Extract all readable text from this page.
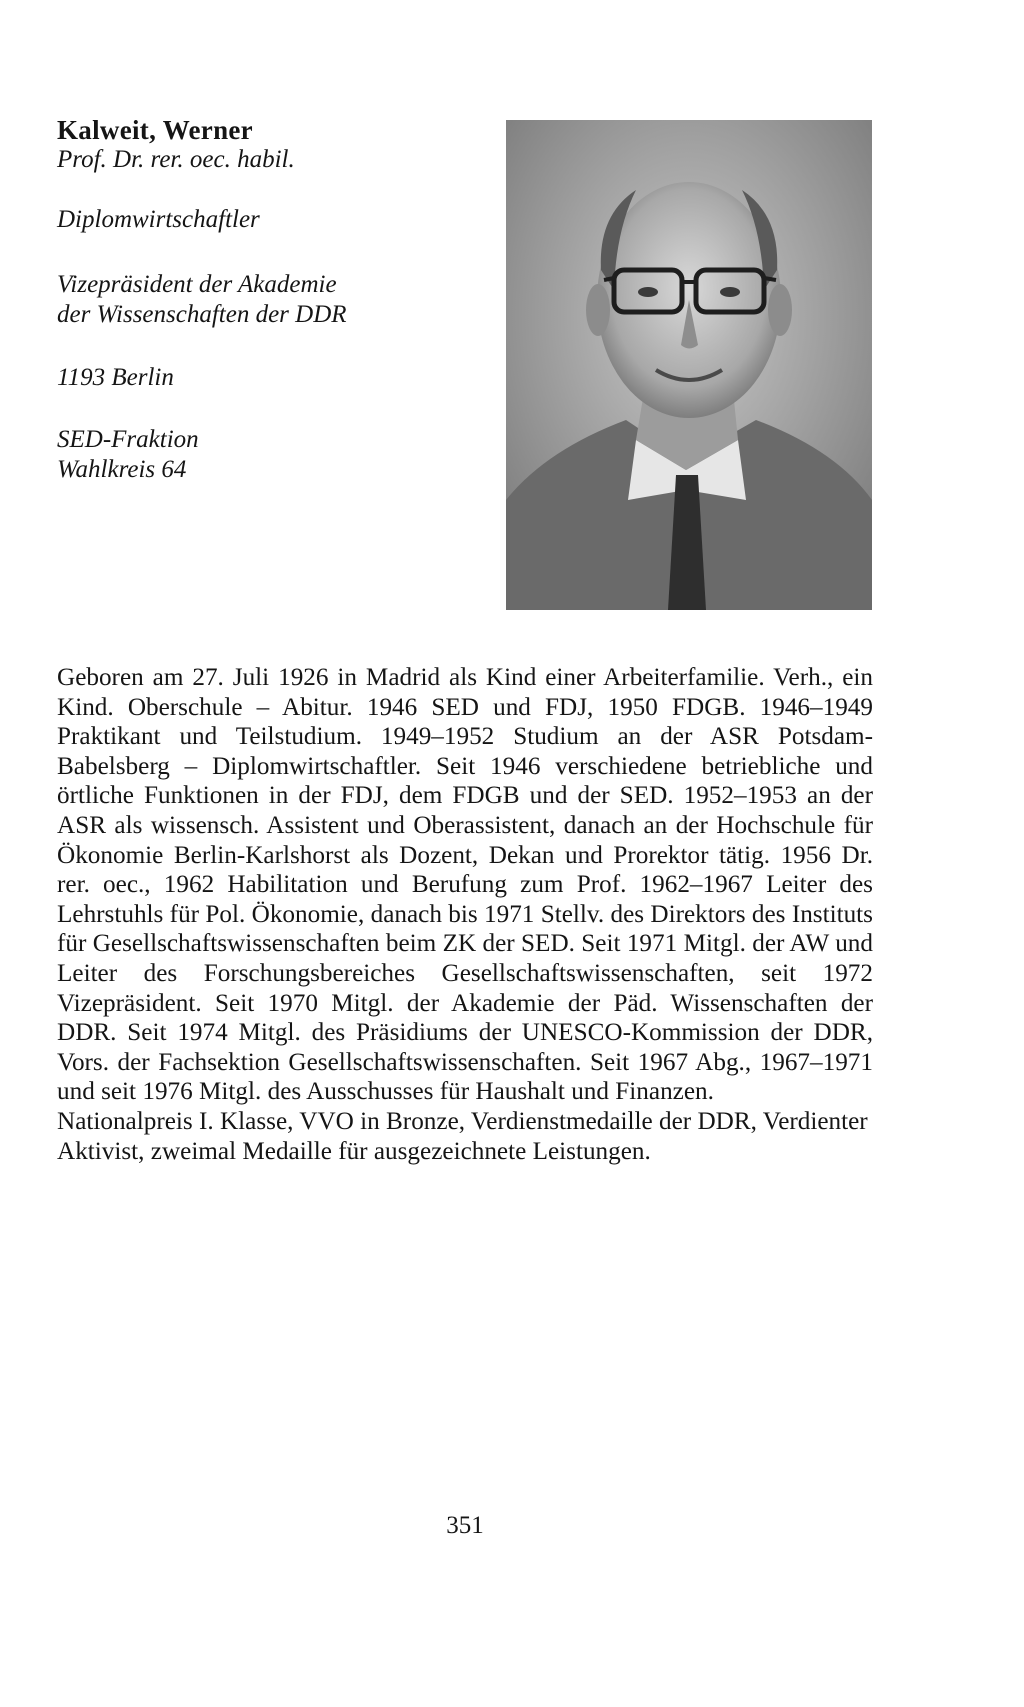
Kalweit, Werner

Prof. Dr. rer. oec. habil.

Diplomwirtschaftler

Vizepräsident der Akademie

der Wissenschaften der DDR

1193 Berlin

SED-Fraktion

Wahlkreis 64

Geboren am 27. Juli 1926 in Madrid als Kind einer Arbeiterfamilie. Verh., ein Kind. Oberschule – Abitur. 1946 SED und FDJ, 1950 FDGB. 1946–1949 Praktikant und Teilstudium. 1949–1952 Studium an der ASR Potsdam-Babelsberg – Diplomwirtschaftler. Seit 1946 verschiedene betriebliche und örtliche Funktionen in der FDJ, dem FDGB und der SED. 1952–1953 an der ASR als wissensch. Assistent und Oberassistent, danach an der Hochschule für Ökonomie Berlin-Karlshorst als Dozent, Dekan und Prorektor tätig. 1956 Dr. rer. oec., 1962 Habilitation und Berufung zum Prof. 1962–1967 Leiter des Lehrstuhls für Pol. Ökonomie, danach bis 1971 Stellv. des Direktors des Instituts für Gesellschaftswissenschaften beim ZK der SED. Seit 1971 Mitgl. der AW und Leiter des Forschungsbereiches Gesellschaftswissenschaften, seit 1972 Vizepräsident. Seit 1970 Mitgl. der Akademie der Päd. Wissenschaften der DDR. Seit 1974 Mitgl. des Präsidiums der UNESCO-Kommission der DDR, Vors. der Fachsektion Gesellschaftswissenschaften. Seit 1967 Abg., 1967–1971 und seit 1976 Mitgl. des Ausschusses für Haushalt und Finanzen.

Nationalpreis I. Klasse, VVO in Bronze, Verdienstmedaille der DDR, Verdienter Aktivist, zweimal Medaille für ausgezeichnete Leistungen.

351
